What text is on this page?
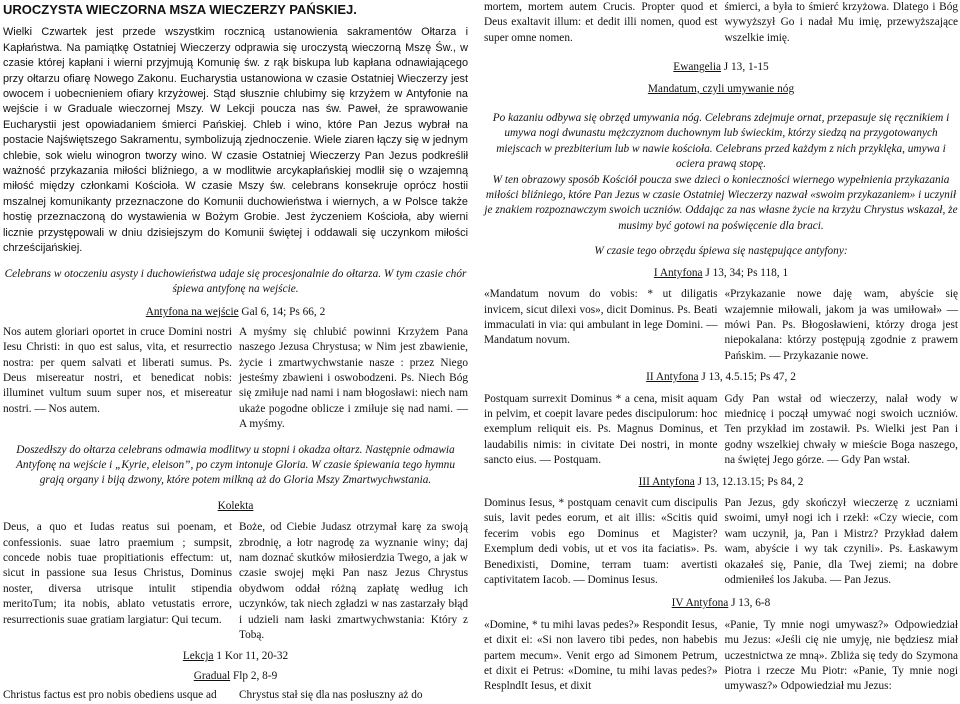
UROCZYSTA WIECZORNA MSZA WIECZERZY PAŃSKIEJ.

Wielki Czwartek jest przede wszystkim rocznicą ustanowienia sakramentów Ołtarza i Kapłaństwa. Na pamiątkę Ostatniej Wieczerzy odprawia się uroczystą wieczorną Mszę Św., w czasie której kapłani i wierni przyjmują Komunię św. z rąk biskupa lub kapłana odnawiającego przy ołtarzu ofiarę Nowego Zakonu. Eucharystia ustanowiona w czasie Ostatniej Wieczerzy jest owocem i uobecnieniem ofiary krzyżowej. Stąd słusznie chlubimy się krzyżem w Antyfonie na wejście i w Graduale wieczornej Mszy. W Lekcji poucza nas św. Paweł, że sprawowanie Eucharystii jest opowiadaniem śmierci Pańskiej. Chleb i wino, które Pan Jezus wybrał na postacie Najświętszego Sakramentu, symbolizują zjednoczenie. Wiele ziaren łączy się w jednym chlebie, sok wielu winogron tworzy wino. W czasie Ostatniej Wieczerzy Pan Jezus podkreślił ważność przykazania miłości bliźniego, a w modlitwie arcykapłańskiej modlił się o wzajemną miłość między członkami Kościoła. W czasie Mszy św. celebrans konsekruje oprócz hostii mszalnej komunikanty przeznaczone do Komunii duchowieństwa i wiernych, a w Polsce także hostię przeznaczoną do wystawienia w Bożym Grobie. Jest życzeniem Kościoła, aby wierni licznie przystępowali w dniu dzisiejszym do Komunii świętej i oddawali się uczynkom miłości chrześcijańskiej.

Celebrans w otoczeniu asysty i duchowieństwa udaje się procesjonalnie do ołtarza. W tym czasie chór śpiewa antyfonę na wejście.

Antyfona na wejście Gal 6, 14; Ps 66, 2

Nos autem gloriari oportet in cruce Domini nostri Iesu Christi: in quo est salus, vita, et resurrectio nostra: per quem salvati et liberati sumus. Ps. Deus misereatur nostri, et benedicat nobis: illuminet vultum suum super nos, et misereatur nostri. — Nos autem.
A myśmy się chlubić powinni Krzyżem Pana naszego Jezusa Chrystusa; w Nim jest zbawienie, życie i zmartwychwstanie nasze : przez Niego jesteśmy zbawieni i oswobodzeni. Ps. Niech Bóg się zmiłuje nad nami i nam błogosławi: niech nam ukaże pogodne oblicze i zmiłuje się nad nami. — A myśmy.

Doszedłszy do ołtarza celebrans odmawia modlitwy u stopni i okadza ołtarz. Następnie odmawia Antyfonę na wejście i „Kyrie, eleison”, po czym intonuje Gloria. W czasie śpiewania tego hymnu grają organy i biją dzwony, które potem milkną aż do Gloria Mszy Zmartwychwstania.

Kolekta

Deus, a quo et Iudas reatus sui poenam, et confessionis. suae latro praemium ; sumpsit, concede nobis tuae propitiationis effectum: ut, sicut in passione sua Iesus Christus, Dominus noster, diversa utrisque intulit stipendia meritoTum; ita nobis, ablato vetustatis errore, resurrectionis suae gratiam largiatur: Qui tecum.
Boże, od Ciebie Judasz otrzymał karę za swoją zbrodnię, a łotr nagrodę za wyznanie winy; daj nam doznać skutków miłosierdzia Twego, a jak w czasie swojej męki Pan nasz Jezus Chrystus obydwom oddał różną zapłatę według ich uczynków, tak niech zgładzi w nas zastarzały błąd i udzieli nam łaski zmartwychwstania: Który z Tobą.

Lekcja 1 Kor 11, 20-32

Gradual Flp 2, 8-9

Christus factus est pro nobis obediens usque ad	Chrystus stał się dla nas posłuszny aż do
mortem, mortem autem Crucis. Propter quod et Deus exaltavit illum: et dedit illi nomen, quod est super omne nomen.
śmierci, a była to śmierć krzyżowa. Dlatego i Bóg wywyższył Go i nadał Mu imię, przewyższające wszelkie imię.

Ewangelia J 13, 1-15

Mandatum, czyli umywanie nóg

Po kazaniu odbywa się obrzęd umywania nóg. Celebrans zdejmuje ornat, przepasuje się ręcznikiem i umywa nogi dwunastu mężczyznom duchownym lub świeckim, którzy siedzą na przygotowanych miejscach w prezbiterium lub w nawie kościoła. Celebrans przed każdym z nich przyklęka, umywa i ociera prawą stopę.

W ten obrazowy sposób Kościół poucza swe dzieci o konieczności wiernego wypełnienia przykazania miłości bliźniego, które Pan Jezus w czasie Ostatniej Wieczerzy nazwał «swoim przykazaniem» i uczynił je znakiem rozpoznawczym swoich uczniów. Oddając za nas własne życie na krzyżu Chrystus wskazał, że musimy być gotowi na poświęcenie dla braci.

W czasie tego obrzędu śpiewa się następujące antyfony:

I Antyfona J 13, 34; Ps 118, 1

«Mandatum novum do vobis: * ut diligatis invicem, sicut dilexi vos», dicit Dominus. Ps. Beati immaculati in via: qui ambulant in lege Domini. — Mandatum novum.
«Przykazanie nowe daję wam, abyście się wzajemnie miłowali, jakom ja was umiłował» — mówi Pan. Ps. Błogosławieni, którzy droga jest niepokalana: którzy postępują zgodnie z prawem Pańskim. — Przykazanie nowe.

II Antyfona J 13, 4.5.15; Ps 47, 2

Postquam surrexit Dominus * a cena, misit aquam in pelvim, et coepit lavare pedes discipulorum: hoc exemplum reliquit eis. Ps. Magnus Dominus, et laudabilis nimis: in civitate Dei nostri, in monte sancto eius. — Postquam.
Gdy Pan wstał od wieczerzy, nalał wody w miednicę i począł umywać nogi swoich uczniów. Ten przykład im zostawił. Ps. Wielki jest Pan i godny wszelkiej chwały w mieście Boga naszego, na świętej Jego górze. — Gdy Pan wstał.

III Antyfona J 13, 12.13.15; Ps 84, 2

Dominus Iesus, * postquam cenavit cum discipulis suis, lavit pedes eorum, et ait illis: «Scitis quid fecerim vobis ego Dominus et Magister? Exemplum dedi vobis, ut et vos ita faciatis». Ps. Benedixisti, Domine, terram tuam: avertisti captivitatem Iacob. — Dominus Iesus.
Pan Jezus, gdy skończył wieczerzę z uczniami swoimi, umył nogi ich i rzekł: «Czy wiecie, com wam uczynił, ja, Pan i Mistrz? Przykład dałem wam, abyście i wy tak czynili». Ps. Łaskawym okazałeś się, Panie, dla Twej ziemi; na dobre odmieniłeś los Jakuba. — Pan Jezus.

IV Antyfona J 13, 6-8

«Domine, * tu mihi lavas pedes?» Respondit Iesus, et dixit ei: «Si non lavero tibi pedes, non habebis partem mecum». Venit ergo ad Simonem Petrum, et dixit ei Petrus: «Domine, tu mihi lavas pedes?» ResplndIt Iesus, et dixit
«Panie, Ty mnie nogi umywasz?» Odpowiedział mu Jezus: «Jeśli cię nie umyję, nie będziesz miał uczestnictwa ze mną». Zbliża się tedy do Szymona Piotra i rzecze Mu Piotr: «Panie, Ty mnie nogi umywasz?» Odpowiedział mu Jezus:
